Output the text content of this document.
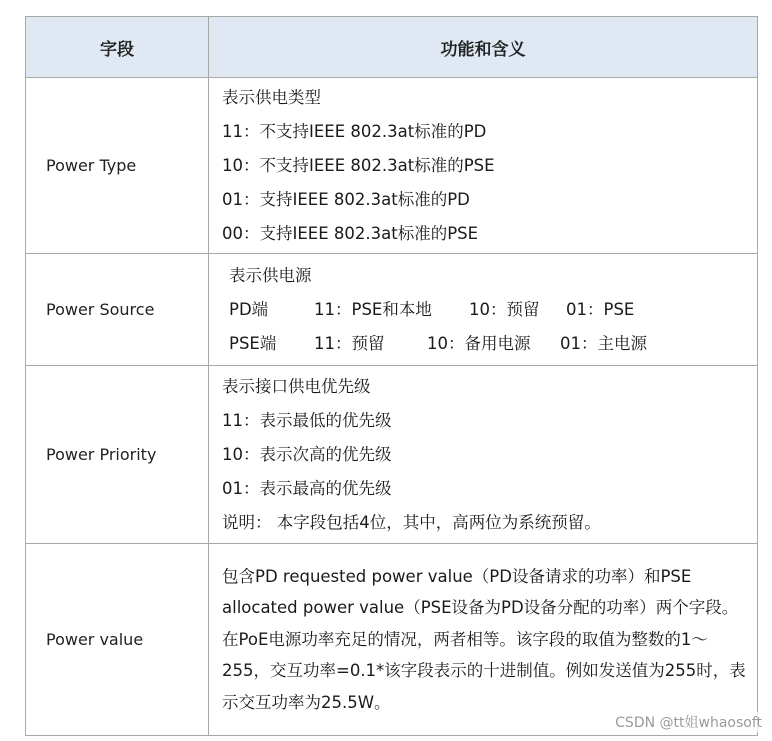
字段	功能和含义
Power Type	表示供电类型
11：不支持IEEE 802.3at标准的PD
10：不支持IEEE 802.3at标准的PSE
01：支持IEEE 802.3at标准的PD
00：支持IEEE 802.3at标准的PSE

Power Source	表示供电源
PD端 11：PSE和本地 10：预留 01：PSE
PSE端 11：预留 10：备用电源 01：主电源

Power Priority	表示接口供电优先级
11：表示最低的优先级
10：表示次高的优先级
01：表示最高的优先级
说明： 本字段包括4位，其中，高两位为系统预留。

Power value	包含PD requested power value（PD设备请求的功率）和PSE allocated power value（PSE设备为PD设备分配的功率）两个字段。在PoE电源功率充足的情况，两者相等。该字段的取值为整数的1～255，交互功率=0.1*该字段表示的十进制值。例如发送值为255时，表示交互功率为25.5W。
CSDN @tt姐whaosoft
